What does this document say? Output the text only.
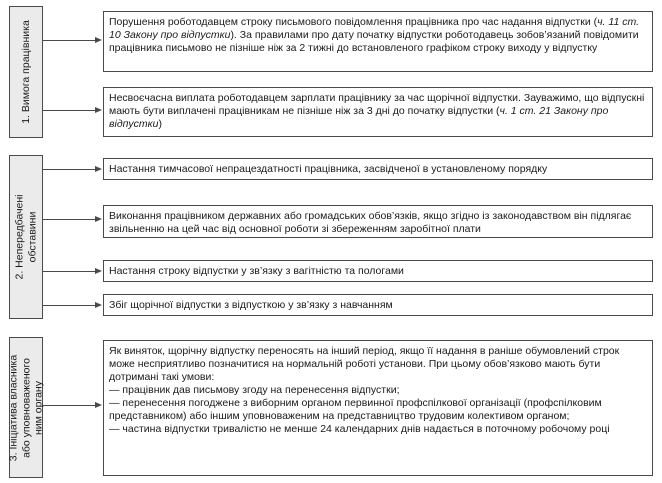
1. Вимога працівника
2. Непередбачені обставини
3. Ініціатива власника або уповноваженого ним органу
Порушення роботодавцем строку письмового повідомлення працівника про час надання відпустки (ч. 11 ст. 10 Закону про відпустки). За правилами про дату початку відпустки роботодавець зобов’язаний повідомити працівника письмово не пізніше ніж за 2 тижні до встановленого графіком строку виходу у відпустку
Несвоєчасна виплата роботодавцем зарплати працівнику за час щорічної відпустки. Зауважимо, що відпускні мають бути виплачені працівникам не пізніше ніж за 3 дні до початку відпустки (ч. 1 ст. 21 Закону про відпустки)
Настання тимчасової непрацездатності працівника, засвідченої в установленому порядку
Виконання працівником державних або громадських обов’язків, якщо згідно із законодавством він підлягає звільненню на цей час від основної роботи зі збереженням заробітної плати
Настання строку відпустки у зв’язку з вагітністю та пологами
Збіг щорічної відпустки з відпусткою у зв’язку з навчанням
Як виняток, щорічну відпустку переносять на інший період, якщо її надання в раніше обумовлений строк може несприятливо позначитися на нормальній роботі установи. При цьому обов’язково мають бути дотримані такі умови:
— працівник дав письмову згоду на перенесення відпустки;
— перенесення погоджене з виборним органом первинної профспілкової організації (профспілковим представником) або іншим уповноваженим на представництво трудовим колективом органом;
— частина відпустки тривалістю не менше 24 календарних днів надається в поточному робочому році
